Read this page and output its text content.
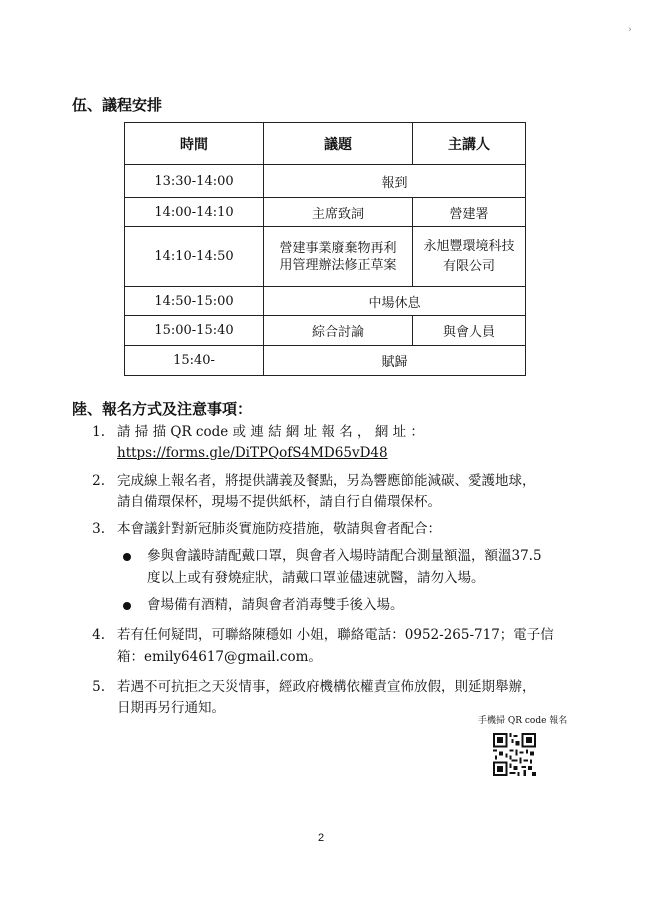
›
伍、議程安排
時間	議題	主講人
13:30-14:00	報到	
14:00-14:10	主席致詞	營建署
14:10-14:50	營建事業廢棄物再利用管理辦法修正草案	永旭豐環境科技有限公司
14:50-15:00	中場休息	
15:00-15:40	綜合討論	與會人員
15:40-	賦歸	
陸、報名方式及注意事項：
1. 請 掃 描 QR code 或 連 結 網 址 報 名 ， 網 址 ：
https://forms.gle/DiTPQofS4MD65vD48
2. 完成線上報名者，將提供講義及餐點，另為響應節能減碳、愛護地球，
請自備環保杯，現場不提供紙杯，請自行自備環保杯。
3. 本會議針對新冠肺炎實施防疫措施，敬請與會者配合：
參與會議時請配戴口罩，與會者入場時請配合測量額溫，額溫37.5
度以上或有發燒症狀，請戴口罩並儘速就醫，請勿入場。
會場備有酒精，請與會者消毒雙手後入場。
4. 若有任何疑問，可聯絡陳穩如 小姐，聯絡電話：0952-265-717；電子信
箱：emily64617@gmail.com。
5. 若遇不可抗拒之天災情事，經政府機構依權責宣佈放假，則延期舉辦，
日期再另行通知。
手機掃 QR code 報名
2
